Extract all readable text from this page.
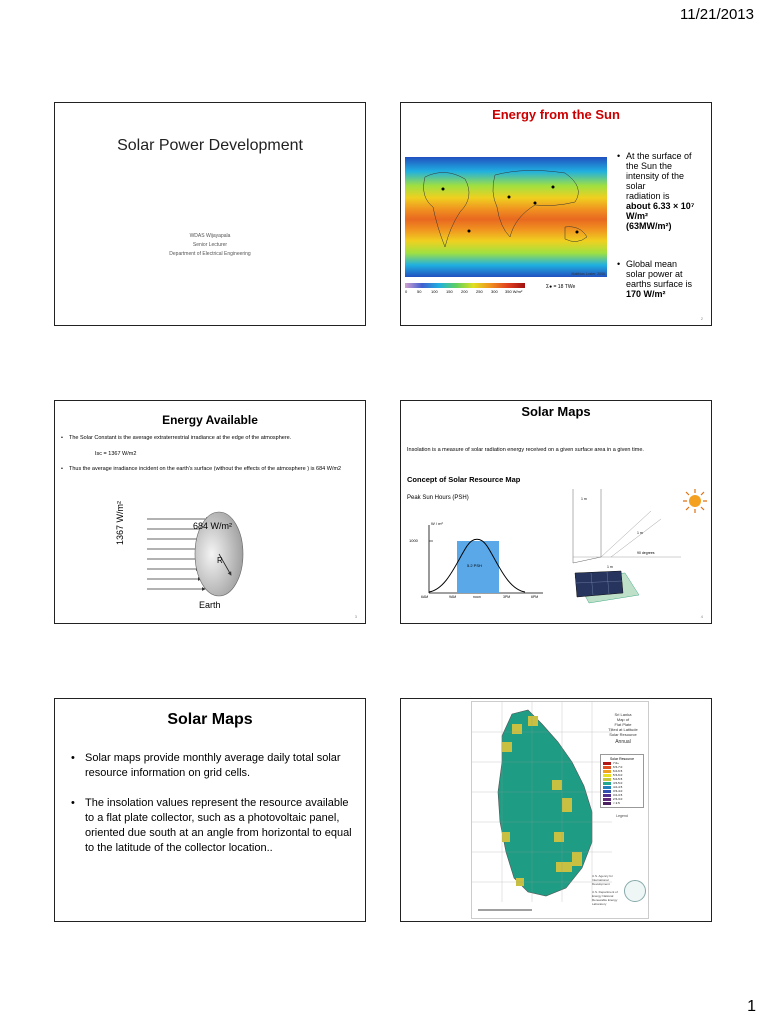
11/21/2013
1
Solar Power Development
WDAS Wijayapala
Senior Lecturer
Department of Electrical Engineering
Energy from the Sun
Matthias Loster, 2006
0 50 100 150 200 250 300 350 W/m²
Σ● = 18 TWe
• At the surface of
the Sun the
intensity of the
solar
radiation is
about 6.33 × 10⁷
W/m²
(63MW/m²)
• Global mean
solar power at
earths surface is
170 W/m²
2
Energy Available
• The Solar Constant is the average extraterrestrial irradiance at the edge of the atmosphere.
Isc = 1367 W/m2
• Thus the average irradiance incident on the earth's surface (without the effects of the atmosphere ) is 684 W/m2
1367 W/m²	684 W/m²
R
Earth
3
Solar Maps
Insolation is a measure of solar radiation energy received on a given surface area in a given time.
Concept of Solar Resource Map
Peak Sun Hours (PSH)
W / m²
1000
5.2 PSH
6AM	9AM	noon	3PM	6PM
1 m
1 m
1 m
90 degrees
4
Solar Maps
• Solar maps provide monthly average daily total solar resource information on grid cells.
• The insolation values represent the resource available to a flat plate collector, such as a photovoltaic panel, oriented due south at an angle from horizontal to equal to the latitude of the collector location..
Sri Lanka
Map of
Flat Plate
Tilted at Latitude
Solar Resource
Annual
Solar Resource
7.0+
6.5-7.0
6.0-6.5
5.5-6.0
5.0-5.5
4.5-5.0
4.0-4.5
3.5-4.0
3.0-3.5
2.5-3.0
< 2.5
Legend
U.S. Agency for International Development
U.S. Department of Energy National Renewable Energy Laboratory
